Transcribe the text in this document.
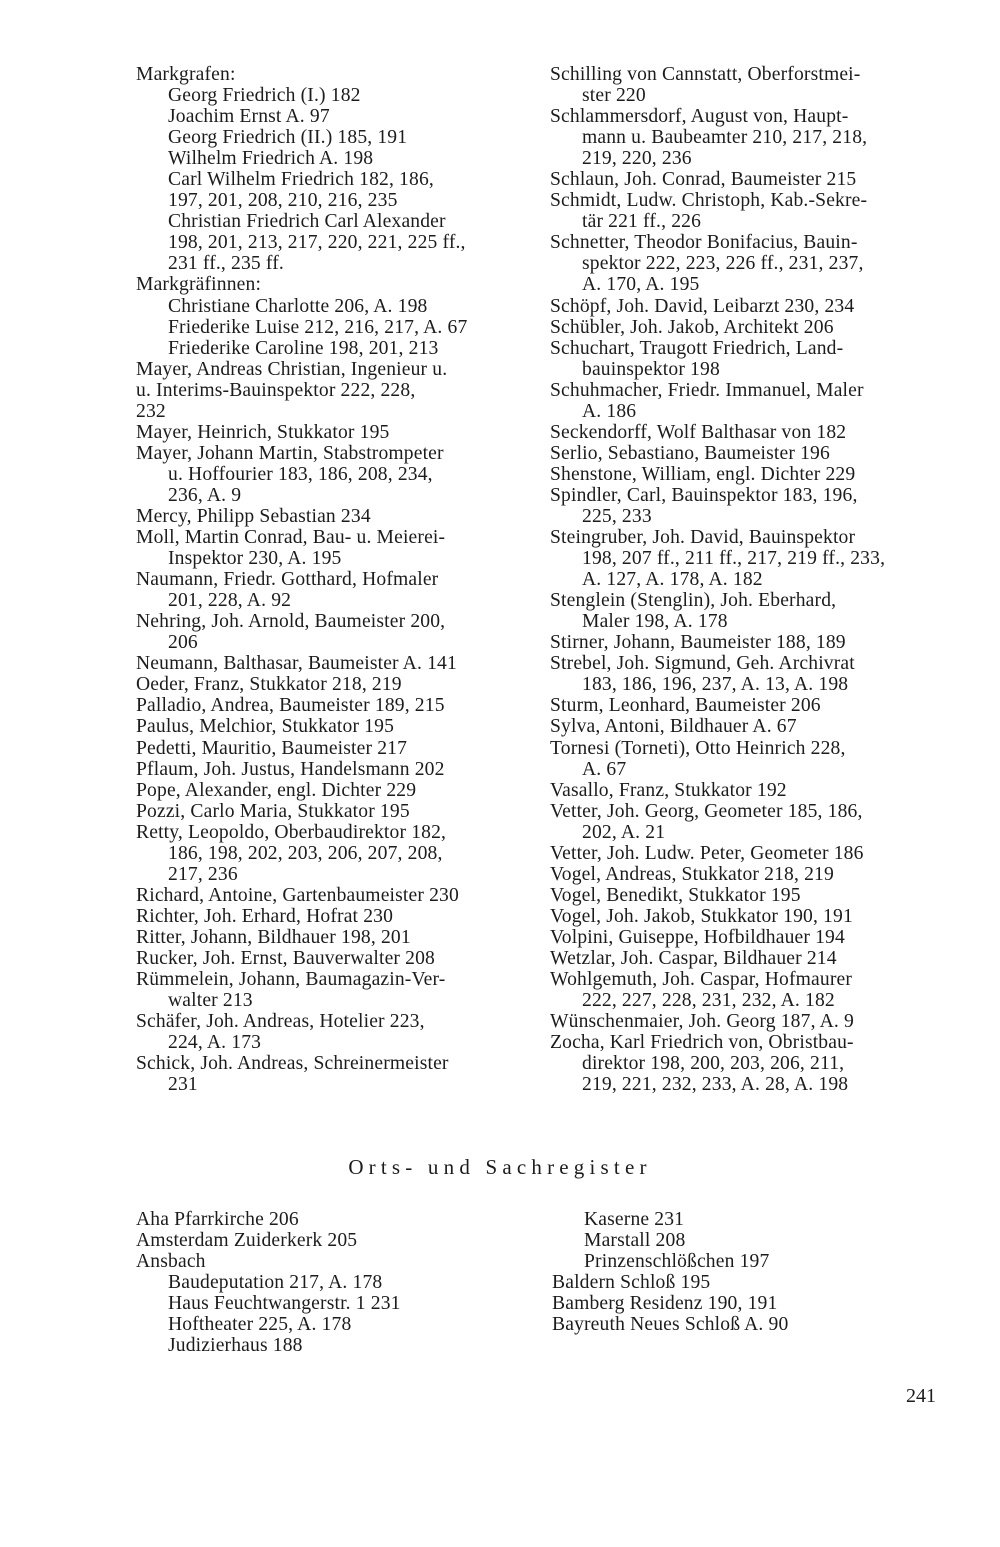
Markgrafen:
Georg Friedrich (I.) 182
Joachim Ernst A. 97
Georg Friedrich (II.) 185, 191
Wilhelm Friedrich A. 198
Carl Wilhelm Friedrich 182, 186,
197, 201, 208, 210, 216, 235
Christian Friedrich Carl Alexander
198, 201, 213, 217, 220, 221, 225 ff.,
231 ff., 235 ff.
Markgräfinnen:
Christiane Charlotte 206, A. 198
Friederike Luise 212, 216, 217, A. 67
Friederike Caroline 198, 201, 213
Mayer, Andreas Christian, Ingenieur u.
u. Interims-Bauinspektor 222, 228,
232
Mayer, Heinrich, Stukkator 195
Mayer, Johann Martin, Stabstrompeter
u. Hoffourier 183, 186, 208, 234,
236, A. 9
Mercy, Philipp Sebastian 234
Moll, Martin Conrad, Bau- u. Meierei-
Inspektor 230, A. 195
Naumann, Friedr. Gotthard, Hofmaler
201, 228, A. 92
Nehring, Joh. Arnold, Baumeister 200,
206
Neumann, Balthasar, Baumeister A. 141
Oeder, Franz, Stukkator 218, 219
Palladio, Andrea, Baumeister 189, 215
Paulus, Melchior, Stukkator 195
Pedetti, Mauritio, Baumeister 217
Pflaum, Joh. Justus, Handelsmann 202
Pope, Alexander, engl. Dichter 229
Pozzi, Carlo Maria, Stukkator 195
Retty, Leopoldo, Oberbaudirektor 182,
186, 198, 202, 203, 206, 207, 208,
217, 236
Richard, Antoine, Gartenbaumeister 230
Richter, Joh. Erhard, Hofrat 230
Ritter, Johann, Bildhauer 198, 201
Rucker, Joh. Ernst, Bauverwalter 208
Rümmelein, Johann, Baumagazin-Ver-
walter 213
Schäfer, Joh. Andreas, Hotelier 223,
224, A. 173
Schick, Joh. Andreas, Schreinermeister
231
Schilling von Cannstatt, Oberforstmei-
ster 220
Schlammersdorf, August von, Haupt-
mann u. Baubeamter 210, 217, 218,
219, 220, 236
Schlaun, Joh. Conrad, Baumeister 215
Schmidt, Ludw. Christoph, Kab.-Sekre-
tär 221 ff., 226
Schnetter, Theodor Bonifacius, Bauin-
spektor 222, 223, 226 ff., 231, 237,
A. 170, A. 195
Schöpf, Joh. David, Leibarzt 230, 234
Schübler, Joh. Jakob, Architekt 206
Schuchart, Traugott Friedrich, Land-
bauinspektor 198
Schuhmacher, Friedr. Immanuel, Maler
A. 186
Seckendorff, Wolf Balthasar von 182
Serlio, Sebastiano, Baumeister 196
Shenstone, William, engl. Dichter 229
Spindler, Carl, Bauinspektor 183, 196,
225, 233
Steingruber, Joh. David, Bauinspektor
198, 207 ff., 211 ff., 217, 219 ff., 233,
A. 127, A. 178, A. 182
Stenglein (Stenglin), Joh. Eberhard,
Maler 198, A. 178
Stirner, Johann, Baumeister 188, 189
Strebel, Joh. Sigmund, Geh. Archivrat
183, 186, 196, 237, A. 13, A. 198
Sturm, Leonhard, Baumeister 206
Sylva, Antoni, Bildhauer A. 67
Tornesi (Torneti), Otto Heinrich 228,
A. 67
Vasallo, Franz, Stukkator 192
Vetter, Joh. Georg, Geometer 185, 186,
202, A. 21
Vetter, Joh. Ludw. Peter, Geometer 186
Vogel, Andreas, Stukkator 218, 219
Vogel, Benedikt, Stukkator 195
Vogel, Joh. Jakob, Stukkator 190, 191
Volpini, Guiseppe, Hofbildhauer 194
Wetzlar, Joh. Caspar, Bildhauer 214
Wohlgemuth, Joh. Caspar, Hofmaurer
222, 227, 228, 231, 232, A. 182
Wünschenmaier, Joh. Georg 187, A. 9
Zocha, Karl Friedrich von, Obristbau-
direktor 198, 200, 203, 206, 211,
219, 221, 232, 233, A. 28, A. 198
Orts- und Sachregister
Aha Pfarrkirche 206
Amsterdam Zuiderkerk 205
Ansbach
Baudeputation 217, A. 178
Haus Feuchtwangerstr. 1 231
Hoftheater 225, A. 178
Judizierhaus 188
Kaserne 231
Marstall 208
Prinzenschlößchen 197
Baldern Schloß 195
Bamberg Residenz 190, 191
Bayreuth Neues Schloß A. 90
241
